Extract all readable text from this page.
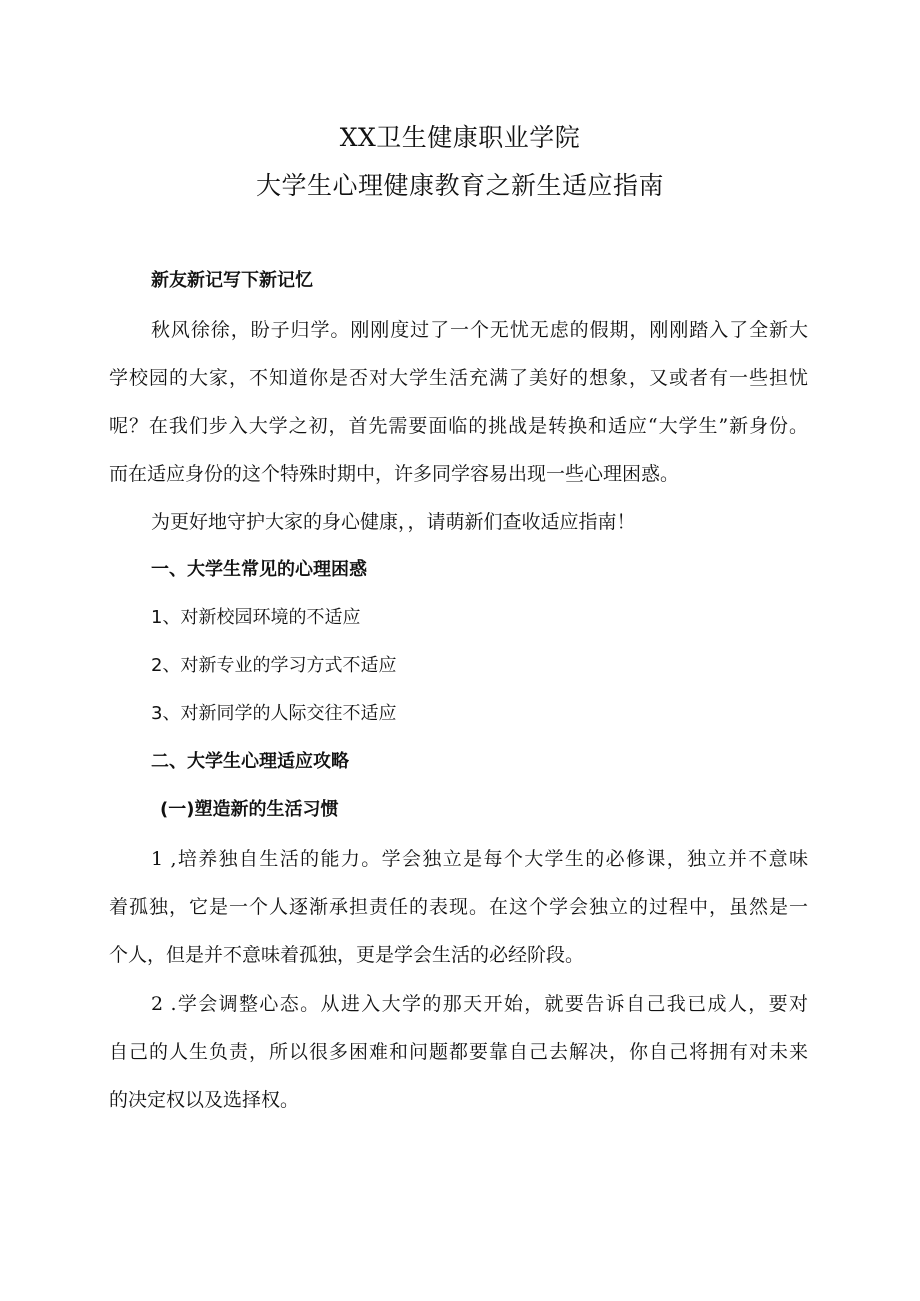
XX卫生健康职业学院
大学生心理健康教育之新生适应指南
新友新记写下新记忆
秋风徐徐，盼子归学。刚刚度过了一个无忧无虑的假期，刚刚踏入了全新大
学校园的大家，不知道你是否对大学生活充满了美好的想象，又或者有一些担忧
呢？在我们步入大学之初，首先需要面临的挑战是转换和适应“大学生”新身份。
而在适应身份的这个特殊时期中，许多同学容易出现一些心理困惑。
为更好地守护大家的身心健康，，请萌新们查收适应指南！
一、大学生常见的心理困惑
1、对新校园环境的不适应
2、对新专业的学习方式不适应
3、对新同学的人际交往不适应
二、大学生心理适应攻略
(一)塑造新的生活习惯
1 ,培养独自生活的能力。学会独立是每个大学生的必修课，独立并不意味
着孤独，它是一个人逐渐承担责任的表现。在这个学会独立的过程中，虽然是一
个人，但是并不意味着孤独，更是学会生活的必经阶段。
2 .学会调整心态。从进入大学的那天开始，就要告诉自己我已成人，要对
自己的人生负责，所以很多困难和问题都要靠自己去解决，你自己将拥有对未来
的决定权以及选择权。
